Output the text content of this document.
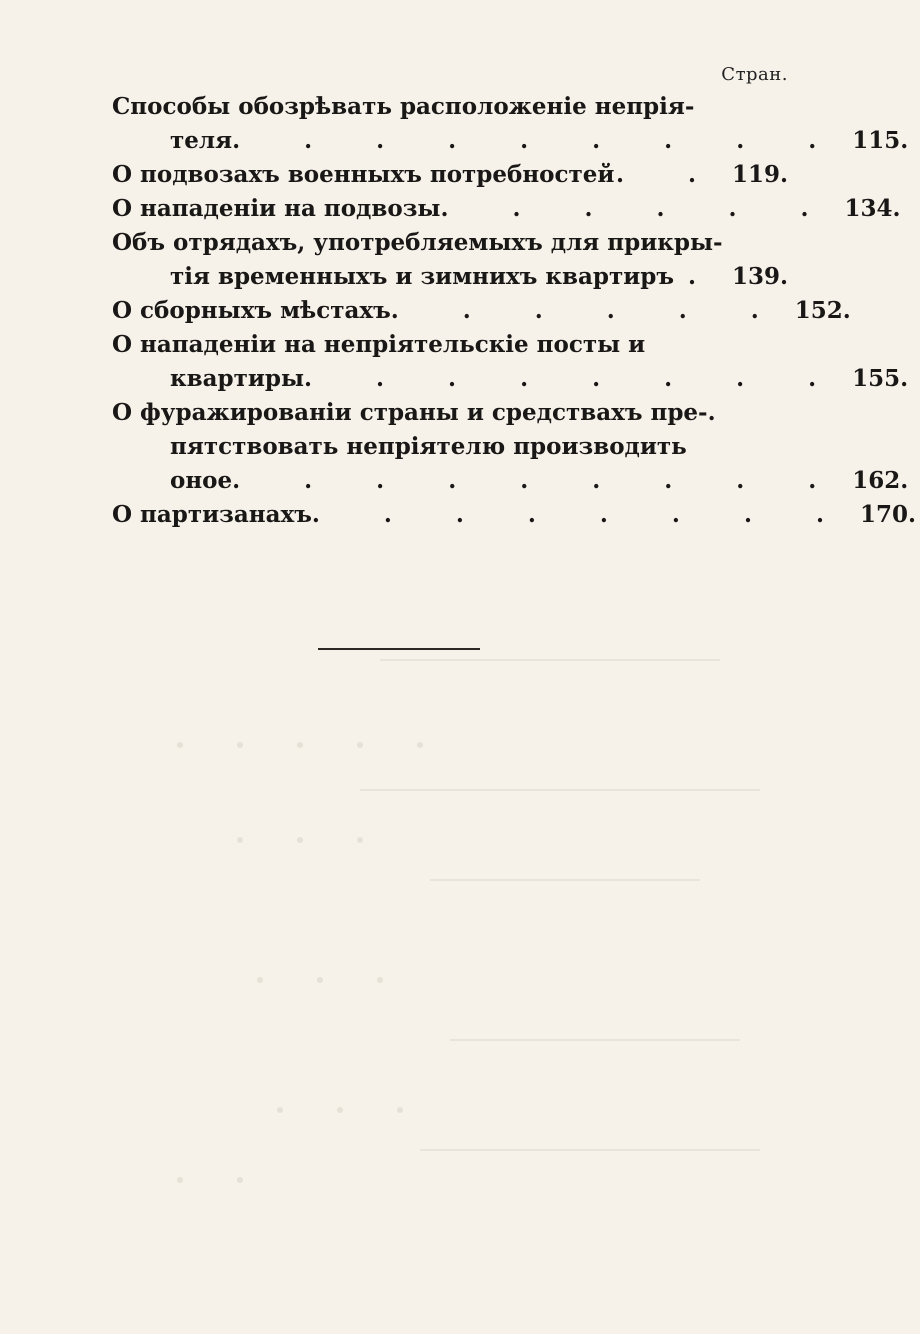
Стран.
Способы обозрѣвать расположеніе непрія-
теля . . . . . . . . . 115.
О подвозахъ военныхъ потребностей . . 119.
О нападеніи на подвозы . . . . . . 134.
Объ отрядахъ, употребляемыхъ для прикры-
тія временныхъ и зимнихъ квартиръ . 139.
О сборныхъ мѣстахъ . . . . . . 152.
О нападеніи на непріятельскіе посты и
квартиры . . . . . . . . 155.
О фуражированіи страны и средствахъ пре- .
пятствовать непріятелю производить
оное . . . . . . . . . 162.
О партизанахъ . . . . . . . . 170.
